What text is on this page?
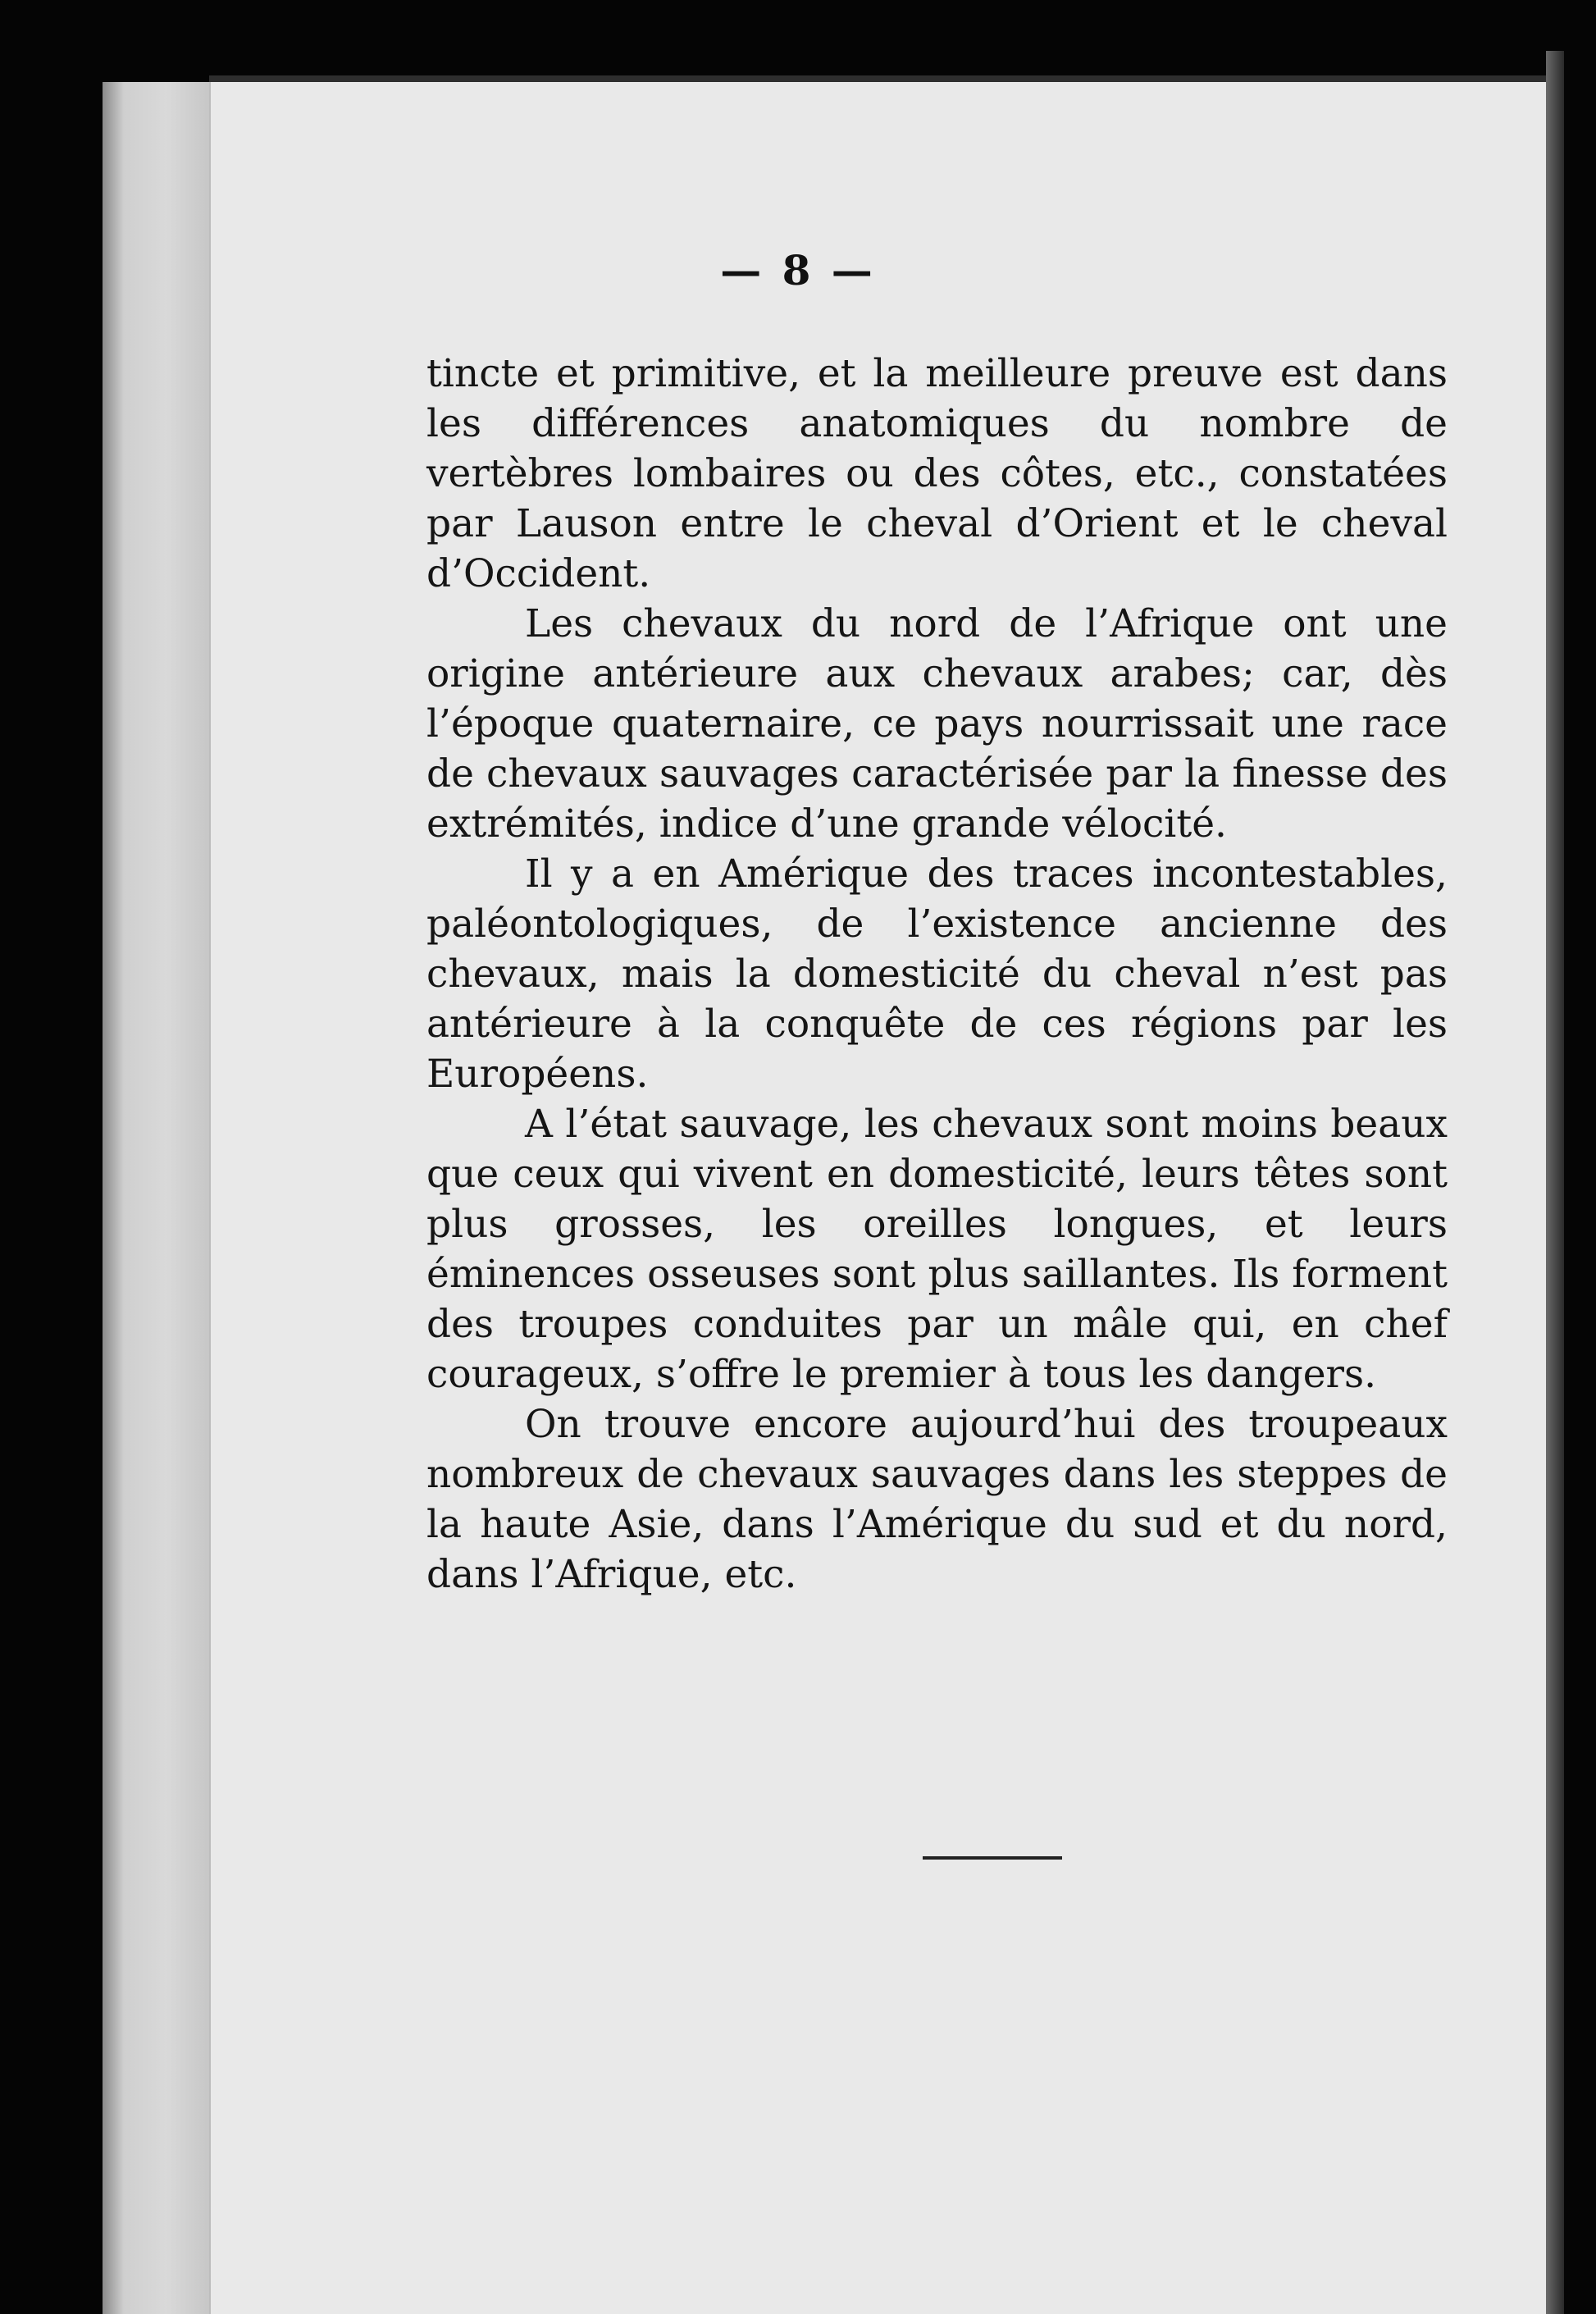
— 8 —

tincte et primitive, et la meilleure preuve est dans les différences anatomiques du nombre de vertèbres lombaires ou des côtes, etc., constatées par Lauson entre le cheval d’Orient et le cheval d’Occident.

Les chevaux du nord de l’Afrique ont une origine antérieure aux chevaux arabes; car, dès l’époque quaternaire, ce pays nourrissait une race de chevaux sauvages caractérisée par la finesse des extrémités, indice d’une grande vélocité.

Il y a en Amérique des traces incontestables, paléontologiques, de l’existence ancienne des chevaux, mais la domesticité du cheval n’est pas antérieure à la conquête de ces régions par les Européens.

A l’état sauvage, les chevaux sont moins beaux que ceux qui vivent en domesticité, leurs têtes sont plus grosses, les oreilles longues, et leurs éminences osseuses sont plus saillantes. Ils forment des troupes conduites par un mâle qui, en chef courageux, s’offre le premier à tous les dangers.

On trouve encore aujourd’hui des troupeaux nombreux de chevaux sauvages dans les steppes de la haute Asie, dans l’Amérique du sud et du nord, dans l’Afrique, etc.
